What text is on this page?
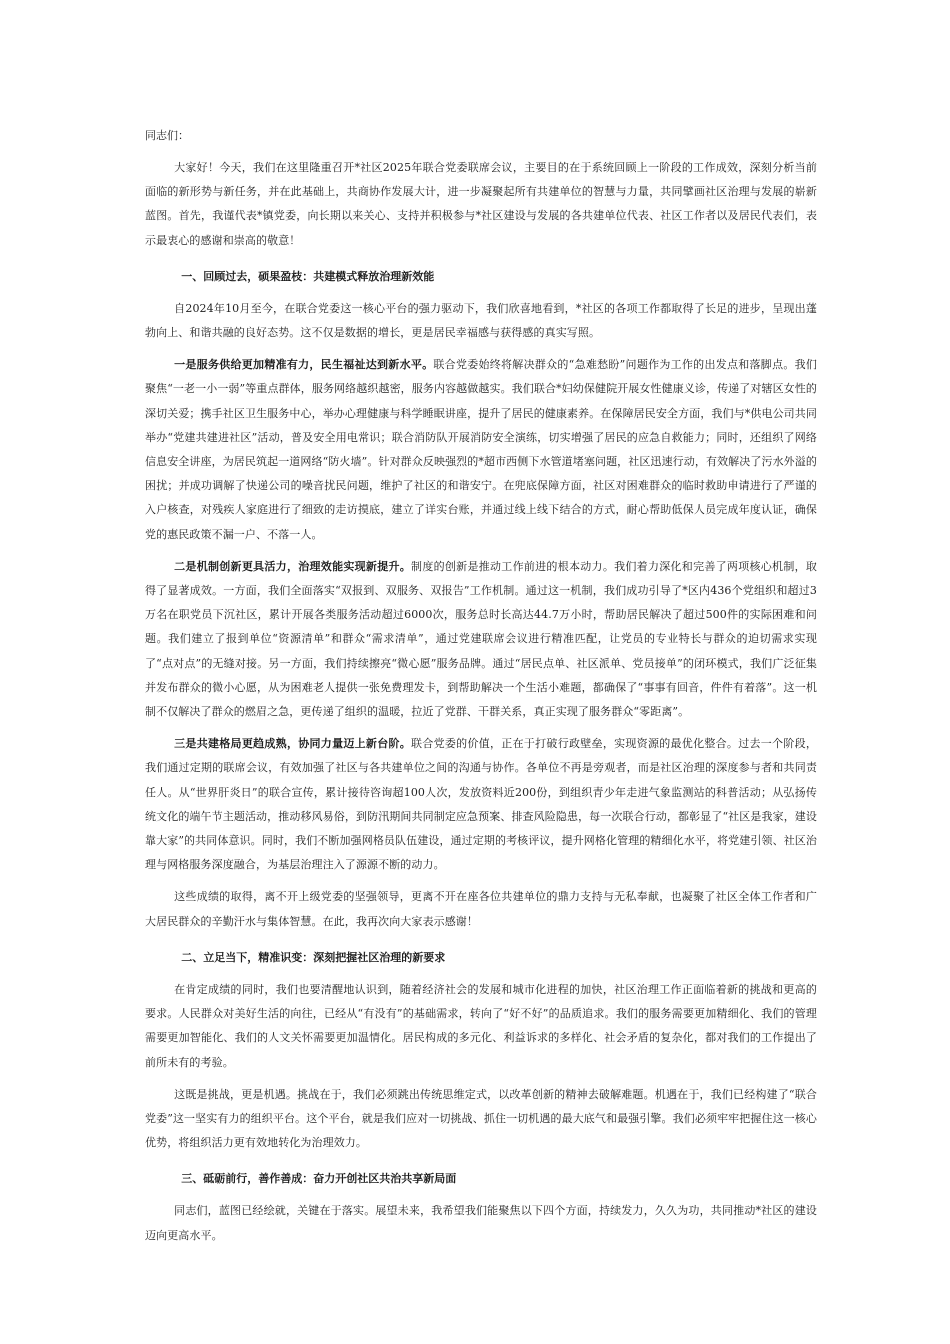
同志们：

大家好！今天，我们在这里隆重召开*社区2025年联合党委联席会议，主要目的在于系统回顾上一阶段的工作成效，深刻分析当前面临的新形势与新任务，并在此基础上，共商协作发展大计，进一步凝聚起所有共建单位的智慧与力量，共同擘画社区治理与发展的崭新蓝图。首先，我谨代表*镇党委，向长期以来关心、支持并积极参与*社区建设与发展的各共建单位代表、社区工作者以及居民代表们，表示最衷心的感谢和崇高的敬意！

一、回顾过去，硕果盈枝：共建模式释放治理新效能

自2024年10月至今，在联合党委这一核心平台的强力驱动下，我们欣喜地看到，*社区的各项工作都取得了长足的进步，呈现出蓬勃向上、和谐共融的良好态势。这不仅是数据的增长，更是居民幸福感与获得感的真实写照。

一是服务供给更加精准有力，民生福祉达到新水平。联合党委始终将解决群众的“急难愁盼”问题作为工作的出发点和落脚点。我们聚焦“一老一小一弱”等重点群体，服务网络越织越密，服务内容越做越实。我们联合*妇幼保健院开展女性健康义诊，传递了对辖区女性的深切关爱；携手社区卫生服务中心，举办心理健康与科学睡眠讲座，提升了居民的健康素养。在保障居民安全方面，我们与*供电公司共同举办“党建共建进社区”活动，普及安全用电常识；联合消防队开展消防安全演练，切实增强了居民的应急自救能力；同时，还组织了网络信息安全讲座，为居民筑起一道网络“防火墙”。针对群众反映强烈的*超市西侧下水管道堵塞问题，社区迅速行动，有效解决了污水外溢的困扰；并成功调解了快递公司的噪音扰民问题，维护了社区的和谐安宁。在兜底保障方面，社区对困难群众的临时救助申请进行了严谨的入户核查，对残疾人家庭进行了细致的走访摸底，建立了详实台账，并通过线上线下结合的方式，耐心帮助低保人员完成年度认证，确保党的惠民政策不漏一户、不落一人。

二是机制创新更具活力，治理效能实现新提升。制度的创新是推动工作前进的根本动力。我们着力深化和完善了两项核心机制，取得了显著成效。一方面，我们全面落实“双报到、双服务、双报告”工作机制。通过这一机制，我们成功引导了*区内436个党组织和超过3万名在职党员下沉社区，累计开展各类服务活动超过6000次，服务总时长高达44.7万小时，帮助居民解决了超过500件的实际困难和问题。我们建立了报到单位“资源清单”和群众“需求清单”，通过党建联席会议进行精准匹配，让党员的专业特长与群众的迫切需求实现了“点对点”的无缝对接。另一方面，我们持续擦亮“微心愿”服务品牌。通过“居民点单、社区派单、党员接单”的闭环模式，我们广泛征集并发布群众的微小心愿，从为困难老人提供一张免费理发卡，到帮助解决一个生活小难题，都确保了“事事有回音，件件有着落”。这一机制不仅解决了群众的燃眉之急，更传递了组织的温暖，拉近了党群、干群关系，真正实现了服务群众“零距离”。

三是共建格局更趋成熟，协同力量迈上新台阶。联合党委的价值，正在于打破行政壁垒，实现资源的最优化整合。过去一个阶段，我们通过定期的联席会议，有效加强了社区与各共建单位之间的沟通与协作。各单位不再是旁观者，而是社区治理的深度参与者和共同责任人。从“世界肝炎日”的联合宣传，累计接待咨询超100人次，发放资料近200份，到组织青少年走进气象监测站的科普活动；从弘扬传统文化的端午节主题活动，推动移风易俗，到防汛期间共同制定应急预案、排查风险隐患，每一次联合行动，都彰显了“社区是我家，建设靠大家”的共同体意识。同时，我们不断加强网格员队伍建设，通过定期的考核评议，提升网格化管理的精细化水平，将党建引领、社区治理与网格服务深度融合，为基层治理注入了源源不断的动力。

这些成绩的取得，离不开上级党委的坚强领导，更离不开在座各位共建单位的鼎力支持与无私奉献，也凝聚了社区全体工作者和广大居民群众的辛勤汗水与集体智慧。在此，我再次向大家表示感谢！

二、立足当下，精准识变：深刻把握社区治理的新要求

在肯定成绩的同时，我们也要清醒地认识到，随着经济社会的发展和城市化进程的加快，社区治理工作正面临着新的挑战和更高的要求。人民群众对美好生活的向往，已经从“有没有”的基础需求，转向了“好不好”的品质追求。我们的服务需要更加精细化、我们的管理需要更加智能化、我们的人文关怀需要更加温情化。居民构成的多元化、利益诉求的多样化、社会矛盾的复杂化，都对我们的工作提出了前所未有的考验。

这既是挑战，更是机遇。挑战在于，我们必须跳出传统思维定式，以改革创新的精神去破解难题。机遇在于，我们已经构建了“联合党委”这一坚实有力的组织平台。这个平台，就是我们应对一切挑战、抓住一切机遇的最大底气和最强引擎。我们必须牢牢把握住这一核心优势，将组织活力更有效地转化为治理效力。

三、砥砺前行，善作善成：奋力开创社区共治共享新局面

同志们，蓝图已经绘就，关键在于落实。展望未来，我希望我们能聚焦以下四个方面，持续发力，久久为功，共同推动*社区的建设迈向更高水平。
